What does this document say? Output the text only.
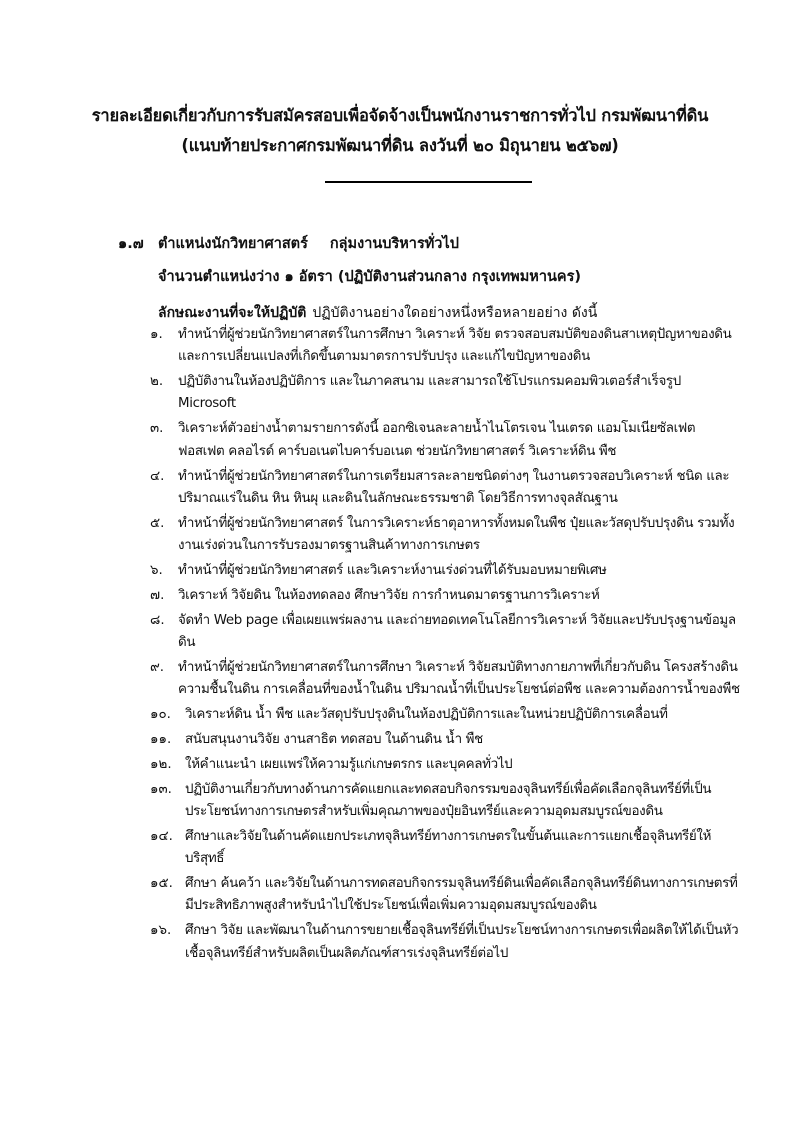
รายละเอียดเกี่ยวกับการรับสมัครสอบเพื่อจัดจ้างเป็นพนักงานราชการทั่วไป กรมพัฒนาที่ดิน
(แนบท้ายประกาศกรมพัฒนาที่ดิน ลงวันที่ ๒๐ มิถุนายน ๒๕๖๗)
๑.๗ ตำแหน่งนักวิทยาศาสตร์ กลุ่มงานบริหารทั่วไป
จำนวนตำแหน่งว่าง ๑ อัตรา (ปฏิบัติงานส่วนกลาง กรุงเทพมหานคร)
ลักษณะงานที่จะให้ปฏิบัติ ปฏิบัติงานอย่างใดอย่างหนึ่งหรือหลายอย่าง ดังนี้
๑.	ทำหน้าที่ผู้ช่วยนักวิทยาศาสตร์ในการศึกษา วิเคราะห์ วิจัย ตรวจสอบสมบัติของดินสาเหตุปัญหาของดินและการเปลี่ยนแปลงที่เกิดขึ้นตามมาตรการปรับปรุง และแก้ไขปัญหาของดิน
๒.	ปฏิบัติงานในห้องปฏิบัติการ และในภาคสนาม และสามารถใช้โปรแกรมคอมพิวเตอร์สำเร็จรูป Microsoft
๓.	วิเคราะห์ตัวอย่างน้ำตามรายการดังนี้ ออกซิเจนละลายน้ำไนโตรเจน ไนเตรด แอมโมเนียซัลเฟต ฟอสเฟต คลอไรด์ คาร์บอเนตไบคาร์บอเนต ช่วยนักวิทยาศาสตร์ วิเคราะห์ดิน พืช
๔.	ทำหน้าที่ผู้ช่วยนักวิทยาศาสตร์ในการเตรียมสารละลายชนิดต่างๆ ในงานตรวจสอบวิเคราะห์ ชนิด และปริมาณแร่ในดิน หิน หินผุ และดินในลักษณะธรรมชาติ โดยวิธีการทางจุลสัณฐาน
๕.	ทำหน้าที่ผู้ช่วยนักวิทยาศาสตร์ ในการวิเคราะห์ธาตุอาหารทั้งหมดในพืช ปุ๋ยและวัสดุปรับปรุงดิน รวมทั้งงานเร่งด่วนในการรับรองมาตรฐานสินค้าทางการเกษตร
๖.	ทำหน้าที่ผู้ช่วยนักวิทยาศาสตร์ และวิเคราะห์งานเร่งด่วนที่ได้รับมอบหมายพิเศษ
๗.	วิเคราะห์ วิจัยดิน ในห้องทดลอง ศึกษาวิจัย การกำหนดมาตรฐานการวิเคราะห์
๘.	จัดทำ Web page เพื่อเผยแพร่ผลงาน และถ่ายทอดเทคโนโลยีการวิเคราะห์ วิจัยและปรับปรุงฐานข้อมูลดิน
๙.	ทำหน้าที่ผู้ช่วยนักวิทยาศาสตร์ในการศึกษา วิเคราะห์ วิจัยสมบัติทางกายภาพที่เกี่ยวกับดิน โครงสร้างดิน ความชื้นในดิน การเคลื่อนที่ของน้ำในดิน ปริมาณน้ำที่เป็นประโยชน์ต่อพืช และความต้องการน้ำของพืช
๑๐.	วิเคราะห์ดิน น้ำ พืช และวัสดุปรับปรุงดินในห้องปฏิบัติการและในหน่วยปฏิบัติการเคลื่อนที่
๑๑.	สนับสนุนงานวิจัย งานสาธิต ทดสอบ ในด้านดิน น้ำ พืช
๑๒.	ให้คำแนะนำ เผยแพร่ให้ความรู้แก่เกษตรกร และบุคคลทั่วไป
๑๓. ปฏิบัติงานเกี่ยวกับทางด้านการคัดแยกและทดสอบกิจกรรมของจุลินทรีย์เพื่อคัดเลือกจุลินทรีย์ที่เป็นประโยชน์ทางการเกษตรสำหรับเพิ่มคุณภาพของปุ๋ยอินทรีย์และความอุดมสมบูรณ์ของดิน
๑๔. ศึกษาและวิจัยในด้านคัดแยกประเภทจุลินทรีย์ทางการเกษตรในขั้นต้นและการแยกเชื้อจุลินทรีย์ให้บริสุทธิ์
๑๕. ศึกษา ค้นคว้า และวิจัยในด้านการทดสอบกิจกรรมจุลินทรีย์ดินเพื่อคัดเลือกจุลินทรีย์ดินทางการเกษตรที่มีประสิทธิภาพสูงสำหรับนำไปใช้ประโยชน์เพื่อเพิ่มความอุดมสมบูรณ์ของดิน
๑๖.	ศึกษา วิจัย และพัฒนาในด้านการขยายเชื้อจุลินทรีย์ที่เป็นประโยชน์ทางการเกษตรเพื่อผลิตให้ได้เป็นหัวเชื้อจุลินทรีย์สำหรับผลิตเป็นผลิตภัณฑ์สารเร่งจุลินทรีย์ต่อไป
